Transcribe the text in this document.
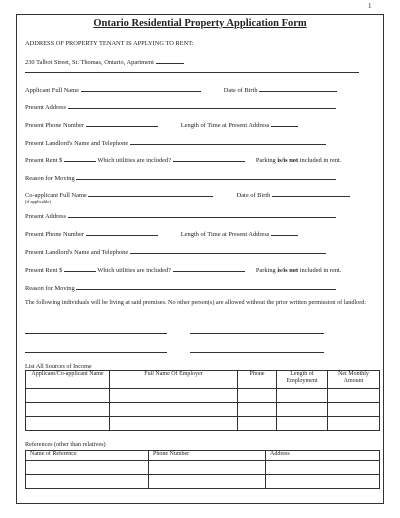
1
Ontario Residential Property Application Form
ADDRESS OF PROPERTY TENANT IS APPLYING TO RENT:
230 Talbot Street, St. Thomas, Ontario, Apartment
Applicant Full Name	Date of Birth
Present Address
Present Phone Number	Length of Time at Present Address
Present Landlord's Name and Telephone
Present Rent $	Which utilities are included?	Parking is/is not included in rent.
Reason for Moving
Co-applicant Full Name	Date of Birth
(if applicable)
Present Address
Present Phone Number	Length of Time at Present Address
Present Landlord's Name and Telephone
Present Rent $	Which utilities are included?	Parking is/is not included in rent.
Reason for Moving
The following individuals will be living at said premises. No other person(s) are allowed without the prior written permission of landlord:
List All Sources of Income
Applicant/Co-applicant Name	Full Name Of Employer	Phone	Length of Employment	Net Monthly Amount

References (other than relatives)
Name of Reference	Phone Number	Address
